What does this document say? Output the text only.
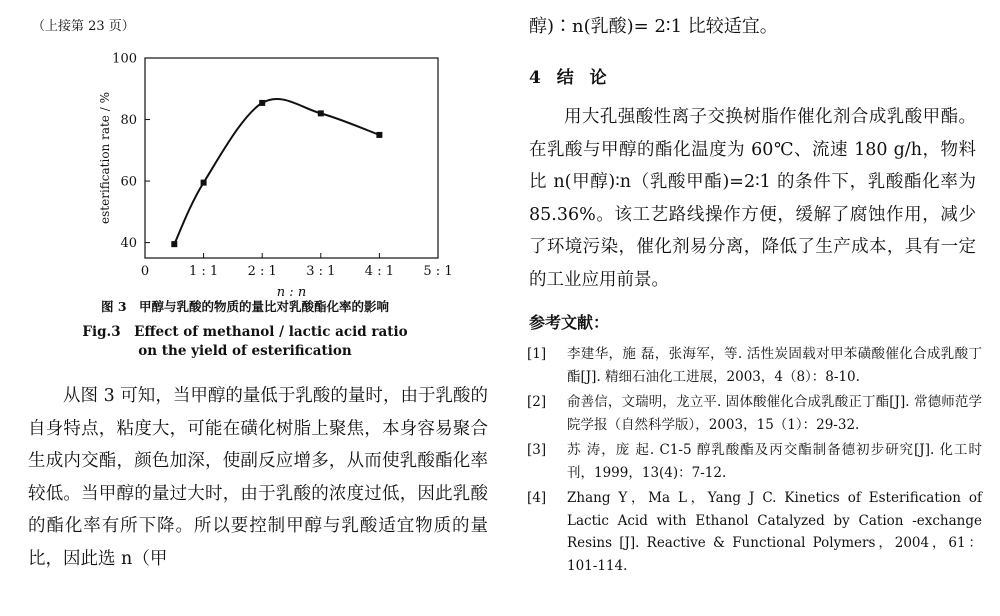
（上接第 23 页）
0	1 : 1 2 : 1 3 : 1 4 : 1 5 : 1
40
60
80
100
n : n
esterification rate / %
图 3　甲醇与乳酸的物质的量比对乳酸酯化率的影响
Fig.3　Effect of methanol / lactic acid ratio
on the yield of esterification
从图 3 可知，当甲醇的量低于乳酸的量时，由于乳酸的自身特点，粘度大，可能在磺化树脂上聚焦，本身容易聚合生成内交酯，颜色加深，使副反应增多，从而使乳酸酯化率较低。当甲醇的量过大时，由于乳酸的浓度过低，因此乳酸的酯化率有所下降。所以要控制甲醇与乳酸适宜物质的量比，因此选 n（甲
醇)∶n(乳酸)= 2∶1 比较适宜。
4 结 论
用大孔强酸性离子交换树脂作催化剂合成乳酸甲酯。在乳酸与甲醇的酯化温度为 60℃、流速 180 g/h，物料比 n(甲醇)∶n（乳酸甲酯)=2∶1 的条件下，乳酸酯化率为 85.36%。该工艺路线操作方便，缓解了腐蚀作用，减少了环境污染，催化剂易分离，降低了生产成本，具有一定的工业应用前景。
参考文献：
[1]	李建华，施 磊，张海军，等. 活性炭固载对甲苯磺酸催化合成乳酸丁酯[J]. 精细石油化工进展，2003，4（8）：8-10.
[2]	俞善信，文瑞明，龙立平. 固体酸催化合成乳酸正丁酯[J]. 常德师范学院学报（自然科学版），2003，15（1）：29-32.
[3]	苏 涛，庞 起. C1-5 醇乳酸酯及丙交酯制备德初步研究[J]. 化工时刊，1999，13(4)：7-12.
[4]	Zhang Y，Ma L，Yang J C. Kinetics of Esterification of Lactic Acid with Ethanol Catalyzed by Cation -exchange Resins [J]. Reactive & Functional Polymers，2004，61：101-114.
